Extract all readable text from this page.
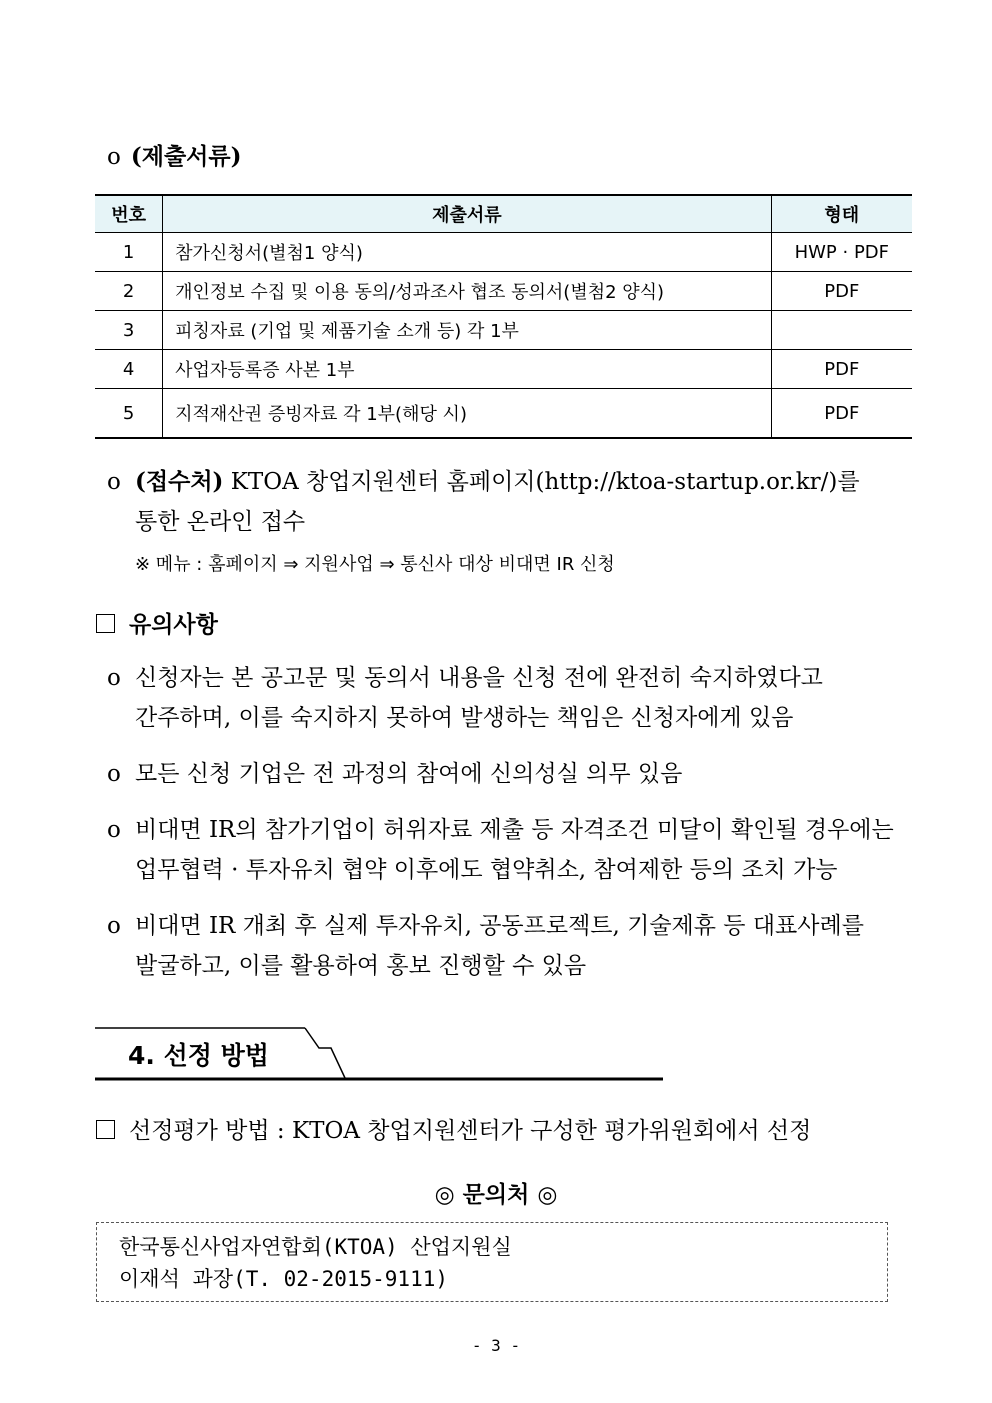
o (제출서류)
번호	제출서류	형태
1	참가신청서(별첨1 양식)	HWP · PDF
2	개인정보 수집 및 이용 동의/성과조사 협조 동의서(별첨2 양식)	PDF
3	피칭자료 (기업 및 제품기술 소개 등) 각 1부	
4	사업자등록증 사본 1부	PDF
5	지적재산권 증빙자료 각 1부(해당 시)	PDF
o (접수처) KTOA 창업지원센터 홈페이지(http://ktoa-startup.or.kr/)를
통한 온라인 접수
※ 메뉴 : 홈페이지 ⇒ 지원사업 ⇒ 통신사 대상 비대면 IR 신청
유의사항
o 신청자는 본 공고문 및 동의서 내용을 신청 전에 완전히 숙지하였다고
간주하며, 이를 숙지하지 못하여 발생하는 책임은 신청자에게 있음
o 모든 신청 기업은 전 과정의 참여에 신의성실 의무 있음
o 비대면 IR의 참가기업이 허위자료 제출 등 자격조건 미달이 확인될 경우에는
업무협력 · 투자유치 협약 이후에도 협약취소, 참여제한 등의 조치 가능
o 비대면 IR 개최 후 실제 투자유치, 공동프로젝트, 기술제휴 등 대표사례를
발굴하고, 이를 활용하여 홍보 진행할 수 있음
4. 선정 방법
선정평가 방법 : KTOA 창업지원센터가 구성한 평가위원회에서 선정
◎ 문의처 ◎
한국통신사업자연합회(KTOA) 산업지원실
이재석 과장(T. 02-2015-9111)
- 3 -
